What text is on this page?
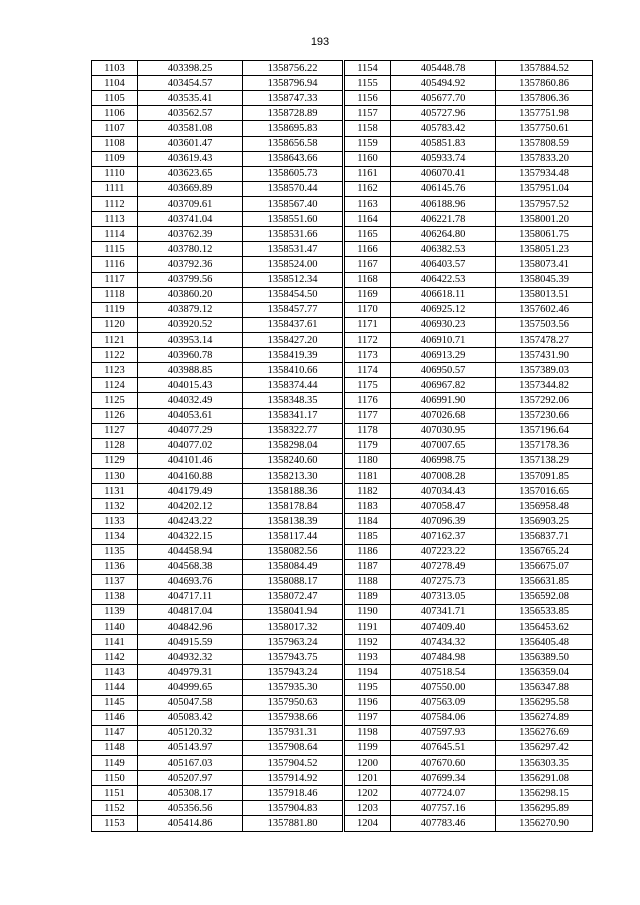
193
1103	403398.25	1358756.22
1104	403454.57	1358796.94
1105	403535.41	1358747.33
1106	403562.57	1358728.89
1107	403581.08	1358695.83
1108	403601.47	1358656.58
1109	403619.43	1358643.66
1110	403623.65	1358605.73
1111	403669.89	1358570.44
1112	403709.61	1358567.40
1113	403741.04	1358551.60
1114	403762.39	1358531.66
1115	403780.12	1358531.47
1116	403792.36	1358524.00
1117	403799.56	1358512.34
1118	403860.20	1358454.50
1119	403879.12	1358457.77
1120	403920.52	1358437.61
1121	403953.14	1358427.20
1122	403960.78	1358419.39
1123	403988.85	1358410.66
1124	404015.43	1358374.44
1125	404032.49	1358348.35
1126	404053.61	1358341.17
1127	404077.29	1358322.77
1128	404077.02	1358298.04
1129	404101.46	1358240.60
1130	404160.88	1358213.30
1131	404179.49	1358188.36
1132	404202.12	1358178.84
1133	404243.22	1358138.39
1134	404322.15	1358117.44
1135	404458.94	1358082.56
1136	404568.38	1358084.49
1137	404693.76	1358088.17
1138	404717.11	1358072.47
1139	404817.04	1358041.94
1140	404842.96	1358017.32
1141	404915.59	1357963.24
1142	404932.32	1357943.75
1143	404979.31	1357943.24
1144	404999.65	1357935.30
1145	405047.58	1357950.63
1146	405083.42	1357938.66
1147	405120.32	1357931.31
1148	405143.97	1357908.64
1149	405167.03	1357904.52
1150	405207.97	1357914.92
1151	405308.17	1357918.46
1152	405356.56	1357904.83
1153	405414.86	1357881.80
1154	405448.78	1357884.52
1155	405494.92	1357860.86
1156	405677.70	1357806.36
1157	405727.96	1357751.98
1158	405783.42	1357750.61
1159	405851.83	1357808.59
1160	405933.74	1357833.20
1161	406070.41	1357934.48
1162	406145.76	1357951.04
1163	406188.96	1357957.52
1164	406221.78	1358001.20
1165	406264.80	1358061.75
1166	406382.53	1358051.23
1167	406403.57	1358073.41
1168	406422.53	1358045.39
1169	406618.11	1358013.51
1170	406925.12	1357602.46
1171	406930.23	1357503.56
1172	406910.71	1357478.27
1173	406913.29	1357431.90
1174	406950.57	1357389.03
1175	406967.82	1357344.82
1176	406991.90	1357292.06
1177	407026.68	1357230.66
1178	407030.95	1357196.64
1179	407007.65	1357178.36
1180	406998.75	1357138.29
1181	407008.28	1357091.85
1182	407034.43	1357016.65
1183	407058.47	1356958.48
1184	407096.39	1356903.25
1185	407162.37	1356837.71
1186	407223.22	1356765.24
1187	407278.49	1356675.07
1188	407275.73	1356631.85
1189	407313.05	1356592.08
1190	407341.71	1356533.85
1191	407409.40	1356453.62
1192	407434.32	1356405.48
1193	407484.98	1356389.50
1194	407518.54	1356359.04
1195	407550.00	1356347.88
1196	407563.09	1356295.58
1197	407584.06	1356274.89
1198	407597.93	1356276.69
1199	407645.51	1356297.42
1200	407670.60	1356303.35
1201	407699.34	1356291.08
1202	407724.07	1356298.15
1203	407757.16	1356295.89
1204	407783.46	1356270.90
